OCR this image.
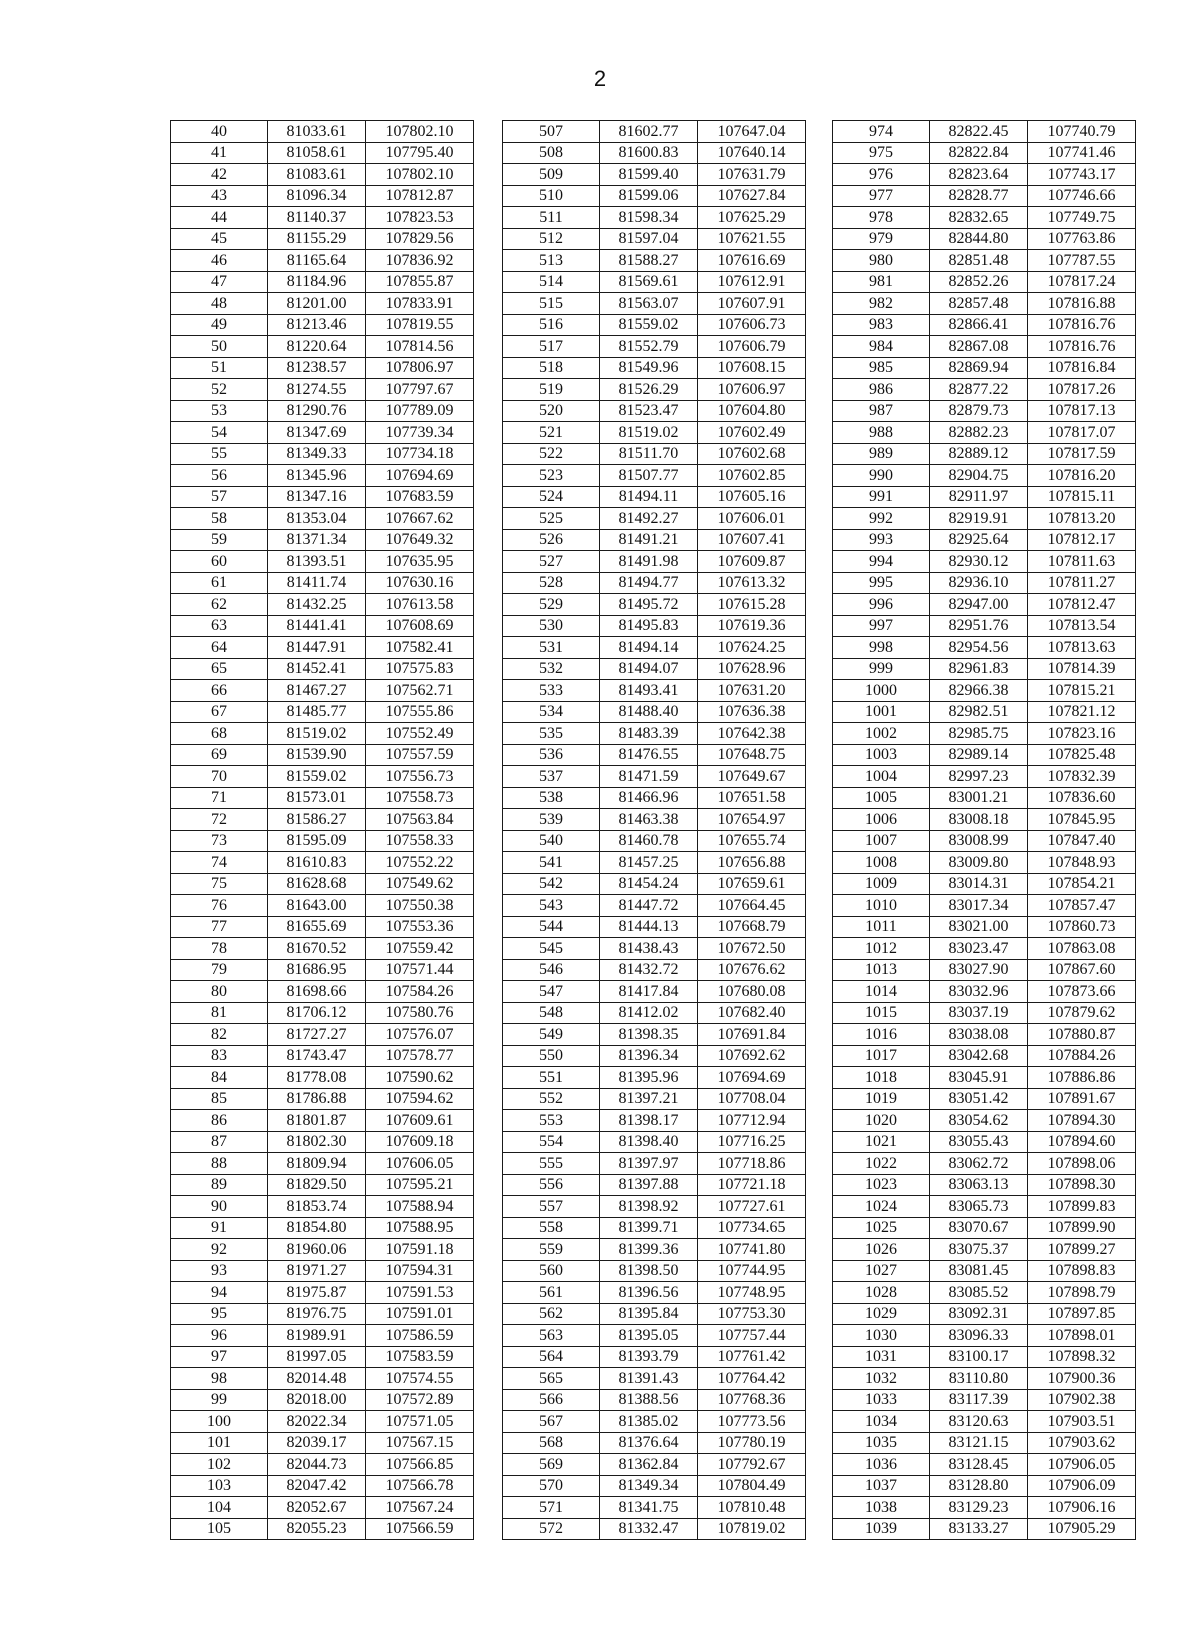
2
40	81033.61	107802.10
41	81058.61	107795.40
42	81083.61	107802.10
43	81096.34	107812.87
44	81140.37	107823.53
45	81155.29	107829.56
46	81165.64	107836.92
47	81184.96	107855.87
48	81201.00	107833.91
49	81213.46	107819.55
50	81220.64	107814.56
51	81238.57	107806.97
52	81274.55	107797.67
53	81290.76	107789.09
54	81347.69	107739.34
55	81349.33	107734.18
56	81345.96	107694.69
57	81347.16	107683.59
58	81353.04	107667.62
59	81371.34	107649.32
60	81393.51	107635.95
61	81411.74	107630.16
62	81432.25	107613.58
63	81441.41	107608.69
64	81447.91	107582.41
65	81452.41	107575.83
66	81467.27	107562.71
67	81485.77	107555.86
68	81519.02	107552.49
69	81539.90	107557.59
70	81559.02	107556.73
71	81573.01	107558.73
72	81586.27	107563.84
73	81595.09	107558.33
74	81610.83	107552.22
75	81628.68	107549.62
76	81643.00	107550.38
77	81655.69	107553.36
78	81670.52	107559.42
79	81686.95	107571.44
80	81698.66	107584.26
81	81706.12	107580.76
82	81727.27	107576.07
83	81743.47	107578.77
84	81778.08	107590.62
85	81786.88	107594.62
86	81801.87	107609.61
87	81802.30	107609.18
88	81809.94	107606.05
89	81829.50	107595.21
90	81853.74	107588.94
91	81854.80	107588.95
92	81960.06	107591.18
93	81971.27	107594.31
94	81975.87	107591.53
95	81976.75	107591.01
96	81989.91	107586.59
97	81997.05	107583.59
98	82014.48	107574.55
99	82018.00	107572.89
100	82022.34	107571.05
101	82039.17	107567.15
102	82044.73	107566.85
103	82047.42	107566.78
104	82052.67	107567.24
105	82055.23	107566.59
507	81602.77	107647.04
508	81600.83	107640.14
509	81599.40	107631.79
510	81599.06	107627.84
511	81598.34	107625.29
512	81597.04	107621.55
513	81588.27	107616.69
514	81569.61	107612.91
515	81563.07	107607.91
516	81559.02	107606.73
517	81552.79	107606.79
518	81549.96	107608.15
519	81526.29	107606.97
520	81523.47	107604.80
521	81519.02	107602.49
522	81511.70	107602.68
523	81507.77	107602.85
524	81494.11	107605.16
525	81492.27	107606.01
526	81491.21	107607.41
527	81491.98	107609.87
528	81494.77	107613.32
529	81495.72	107615.28
530	81495.83	107619.36
531	81494.14	107624.25
532	81494.07	107628.96
533	81493.41	107631.20
534	81488.40	107636.38
535	81483.39	107642.38
536	81476.55	107648.75
537	81471.59	107649.67
538	81466.96	107651.58
539	81463.38	107654.97
540	81460.78	107655.74
541	81457.25	107656.88
542	81454.24	107659.61
543	81447.72	107664.45
544	81444.13	107668.79
545	81438.43	107672.50
546	81432.72	107676.62
547	81417.84	107680.08
548	81412.02	107682.40
549	81398.35	107691.84
550	81396.34	107692.62
551	81395.96	107694.69
552	81397.21	107708.04
553	81398.17	107712.94
554	81398.40	107716.25
555	81397.97	107718.86
556	81397.88	107721.18
557	81398.92	107727.61
558	81399.71	107734.65
559	81399.36	107741.80
560	81398.50	107744.95
561	81396.56	107748.95
562	81395.84	107753.30
563	81395.05	107757.44
564	81393.79	107761.42
565	81391.43	107764.42
566	81388.56	107768.36
567	81385.02	107773.56
568	81376.64	107780.19
569	81362.84	107792.67
570	81349.34	107804.49
571	81341.75	107810.48
572	81332.47	107819.02
974	82822.45	107740.79
975	82822.84	107741.46
976	82823.64	107743.17
977	82828.77	107746.66
978	82832.65	107749.75
979	82844.80	107763.86
980	82851.48	107787.55
981	82852.26	107817.24
982	82857.48	107816.88
983	82866.41	107816.76
984	82867.08	107816.76
985	82869.94	107816.84
986	82877.22	107817.26
987	82879.73	107817.13
988	82882.23	107817.07
989	82889.12	107817.59
990	82904.75	107816.20
991	82911.97	107815.11
992	82919.91	107813.20
993	82925.64	107812.17
994	82930.12	107811.63
995	82936.10	107811.27
996	82947.00	107812.47
997	82951.76	107813.54
998	82954.56	107813.63
999	82961.83	107814.39
1000	82966.38	107815.21
1001	82982.51	107821.12
1002	82985.75	107823.16
1003	82989.14	107825.48
1004	82997.23	107832.39
1005	83001.21	107836.60
1006	83008.18	107845.95
1007	83008.99	107847.40
1008	83009.80	107848.93
1009	83014.31	107854.21
1010	83017.34	107857.47
1011	83021.00	107860.73
1012	83023.47	107863.08
1013	83027.90	107867.60
1014	83032.96	107873.66
1015	83037.19	107879.62
1016	83038.08	107880.87
1017	83042.68	107884.26
1018	83045.91	107886.86
1019	83051.42	107891.67
1020	83054.62	107894.30
1021	83055.43	107894.60
1022	83062.72	107898.06
1023	83063.13	107898.30
1024	83065.73	107899.83
1025	83070.67	107899.90
1026	83075.37	107899.27
1027	83081.45	107898.83
1028	83085.52	107898.79
1029	83092.31	107897.85
1030	83096.33	107898.01
1031	83100.17	107898.32
1032	83110.80	107900.36
1033	83117.39	107902.38
1034	83120.63	107903.51
1035	83121.15	107903.62
1036	83128.45	107906.05
1037	83128.80	107906.09
1038	83129.23	107906.16
1039	83133.27	107905.29
